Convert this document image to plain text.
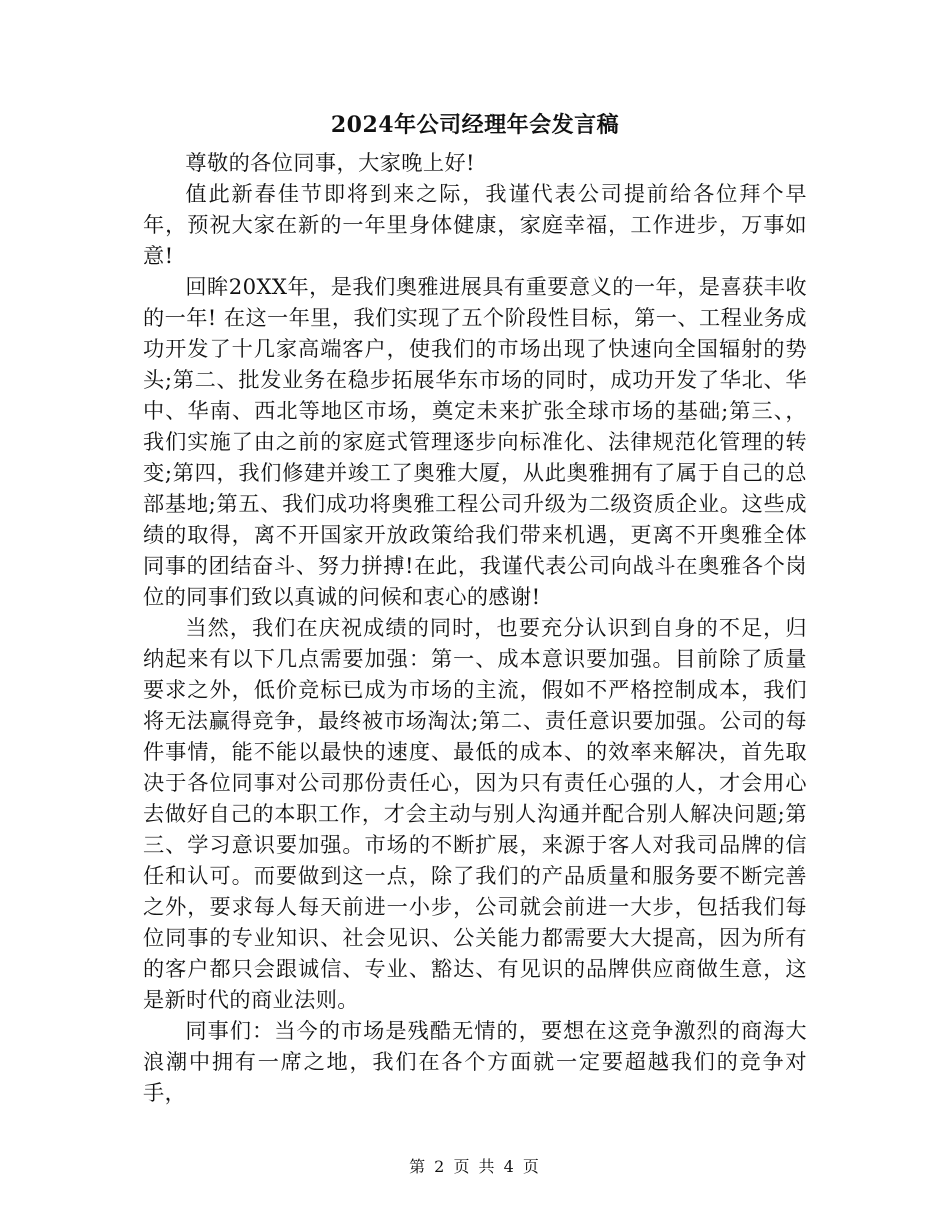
2024年公司经理年会发言稿

尊敬的各位同事，大家晚上好!

值此新春佳节即将到来之际，我谨代表公司提前给各位拜个早年，预祝大家在新的一年里身体健康，家庭幸福，工作进步，万事如意!

回眸20XX年，是我们奥雅进展具有重要意义的一年，是喜获丰收的一年! 在这一年里，我们实现了五个阶段性目标，第一、工程业务成功开发了十几家高端客户，使我们的市场出现了快速向全国辐射的势头;第二、批发业务在稳步拓展华东市场的同时，成功开发了华北、华中、华南、西北等地区市场，奠定未来扩张全球市场的基础;第三、，我们实施了由之前的家庭式管理逐步向标准化、法律规范化管理的转变;第四，我们修建并竣工了奥雅大厦，从此奥雅拥有了属于自己的总部基地;第五、我们成功将奥雅工程公司升级为二级资质企业。这些成绩的取得，离不开国家开放政策给我们带来机遇，更离不开奥雅全体同事的团结奋斗、努力拼搏!在此，我谨代表公司向战斗在奥雅各个岗位的同事们致以真诚的问候和衷心的感谢!

当然，我们在庆祝成绩的同时，也要充分认识到自身的不足，归纳起来有以下几点需要加强：第一、成本意识要加强。目前除了质量要求之外，低价竞标已成为市场的主流，假如不严格控制成本，我们将无法赢得竞争，最终被市场淘汰;第二、责任意识要加强。公司的每件事情，能不能以最快的速度、最低的成本、的效率来解决，首先取决于各位同事对公司那份责任心，因为只有责任心强的人，才会用心去做好自己的本职工作，才会主动与别人沟通并配合别人解决问题;第三、学习意识要加强。市场的不断扩展，来源于客人对我司品牌的信任和认可。而要做到这一点，除了我们的产品质量和服务要不断完善之外，要求每人每天前进一小步，公司就会前进一大步，包括我们每位同事的专业知识、社会见识、公关能力都需要大大提高，因为所有的客户都只会跟诚信、专业、豁达、有见识的品牌供应商做生意，这是新时代的商业法则。

同事们：当今的市场是残酷无情的，要想在这竞争激烈的商海大浪潮中拥有一席之地，我们在各个方面就一定要超越我们的竞争对手，

第 2 页 共 4 页
